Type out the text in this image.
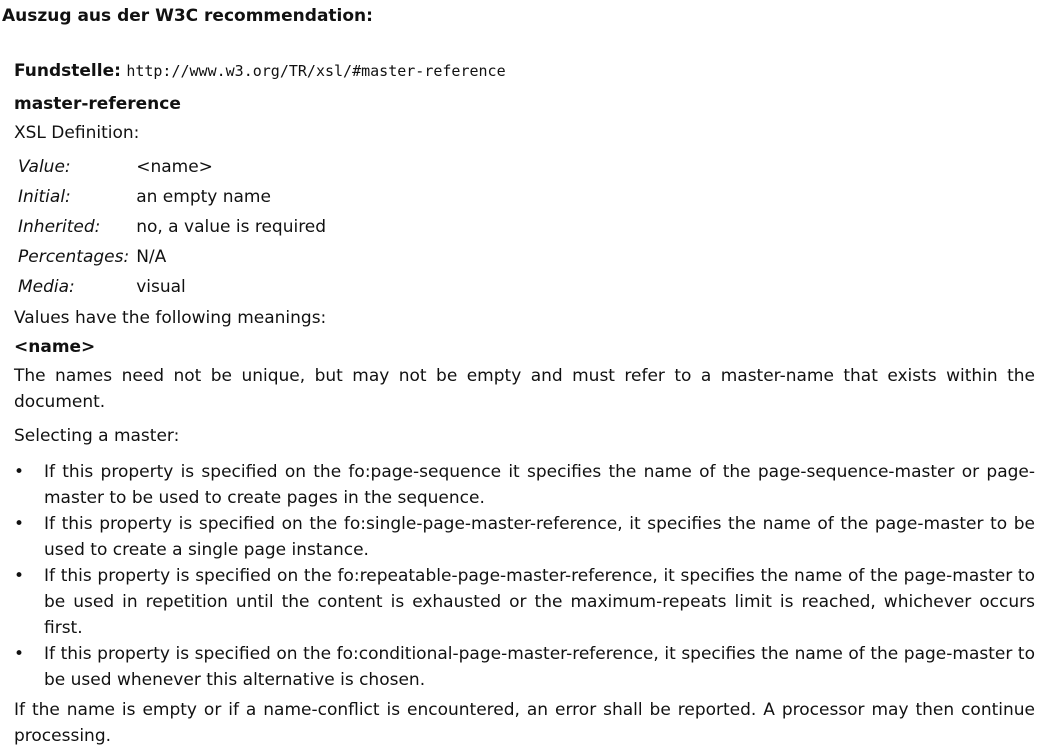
Auszug aus der W3C recommendation:

Fundstelle: http://www.w3.org/TR/xsl/#master-reference

master-reference

XSL Definition:

Value:	<name>
Initial:	an empty name
Inherited:	no, a value is required
Percentages:	N/A
Media:	visual

Values have the following meanings:

<name>

The names need not be unique, but may not be empty and must refer to a master-name that exists within the document.

Selecting a master:

• If this property is specified on the fo:page-sequence it specifies the name of the page-sequence-master or page-master to be used to create pages in the sequence.
• If this property is specified on the fo:single-page-master-reference, it specifies the name of the page-master to be used to create a single page instance.
• If this property is specified on the fo:repeatable-page-master-reference, it specifies the name of the page-master to be used in repetition until the content is exhausted or the maximum-repeats limit is reached, whichever occurs first.
• If this property is specified on the fo:conditional-page-master-reference, it specifies the name of the page-master to be used whenever this alternative is chosen.

If the name is empty or if a name-conflict is encountered, an error shall be reported. A processor may then continue processing.
